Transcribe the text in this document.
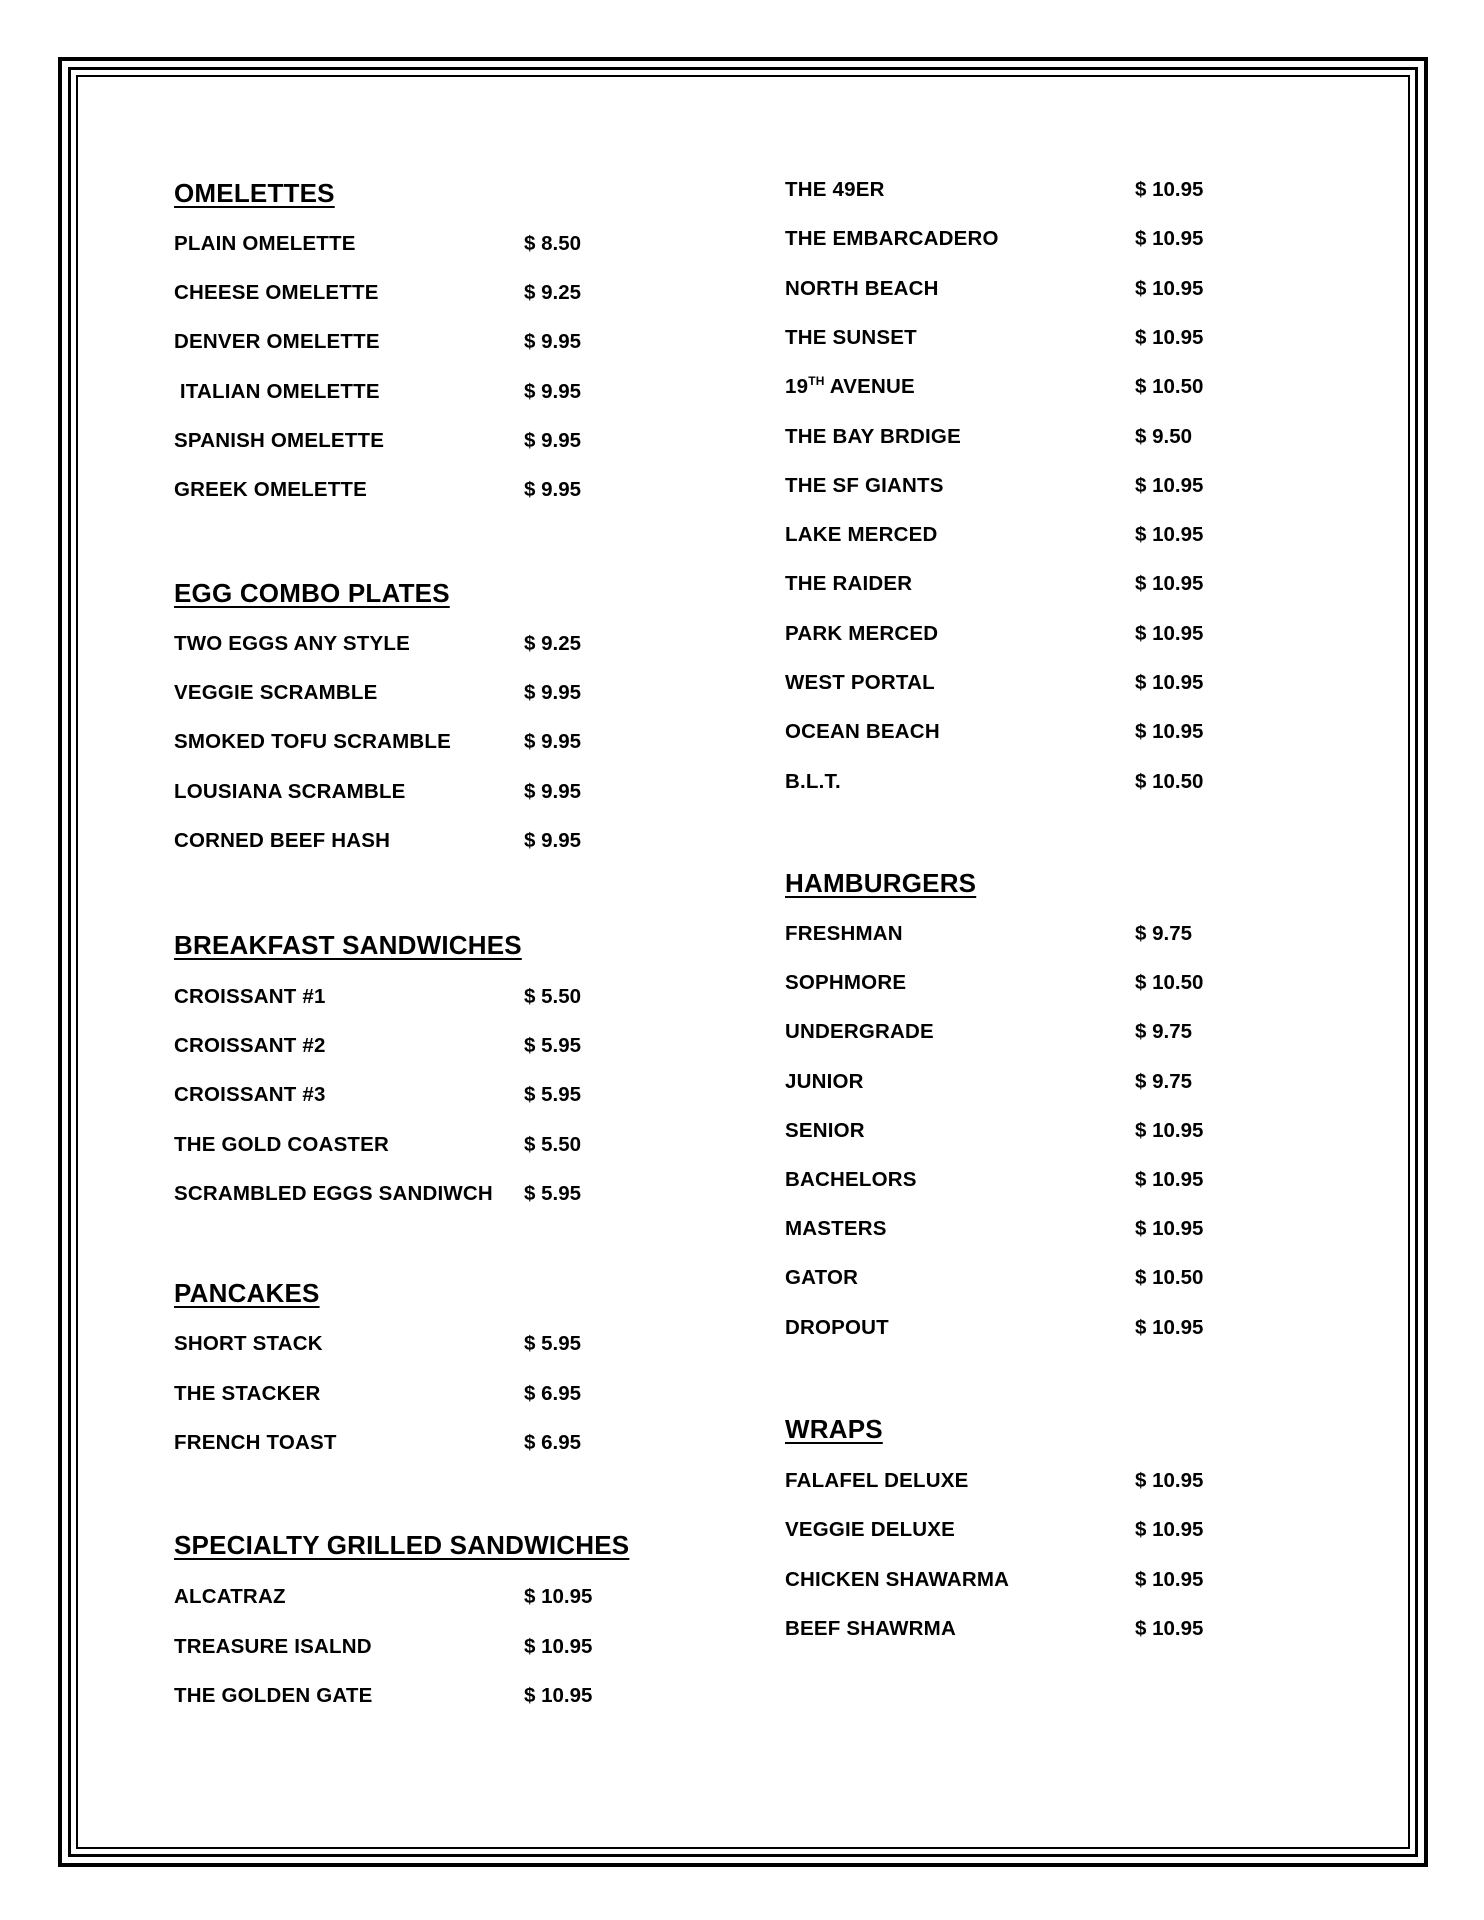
OMELETTES
PLAIN OMELETTE	$ 8.50
CHEESE OMELETTE	$ 9.25
DENVER OMELETTE	$ 9.95
ITALIAN OMELETTE	$ 9.95
SPANISH OMELETTE	$ 9.95
GREEK OMELETTE	$ 9.95
EGG COMBO PLATES
TWO EGGS ANY STYLE	$ 9.25
VEGGIE SCRAMBLE	$ 9.95
SMOKED TOFU SCRAMBLE	$ 9.95
LOUSIANA SCRAMBLE	$ 9.95
CORNED BEEF HASH	$ 9.95
BREAKFAST SANDWICHES
CROISSANT #1	$ 5.50
CROISSANT #2	$ 5.95
CROISSANT #3	$ 5.95
THE GOLD COASTER	$ 5.50
SCRAMBLED EGGS SANDIWCH $ 5.95
PANCAKES
SHORT STACK	$ 5.95
THE STACKER	$ 6.95
FRENCH TOAST	$ 6.95
SPECIALTY GRILLED SANDWICHES
ALCATRAZ	$ 10.95
TREASURE ISALND	$ 10.95
THE GOLDEN GATE	$ 10.95
THE 49ER	$ 10.95
THE EMBARCADERO	$ 10.95
NORTH BEACH	$ 10.95
THE SUNSET	$ 10.95
19TH AVENUE	$ 10.50
THE BAY BRDIGE	$ 9.50
THE SF GIANTS	$ 10.95
LAKE MERCED	$ 10.95
THE RAIDER	$ 10.95
PARK MERCED	$ 10.95
WEST PORTAL	$ 10.95
OCEAN BEACH	$ 10.95
B.L.T.	$ 10.50
HAMBURGERS
FRESHMAN	$ 9.75
SOPHMORE	$ 10.50
UNDERGRADE	$ 9.75
JUNIOR	$ 9.75
SENIOR	$ 10.95
BACHELORS	$ 10.95
MASTERS	$ 10.95
GATOR	$ 10.50
DROPOUT	$ 10.95
WRAPS
FALAFEL DELUXE	$ 10.95
VEGGIE DELUXE	$ 10.95
CHICKEN SHAWARMA	$ 10.95
BEEF SHAWRMA	$ 10.95
